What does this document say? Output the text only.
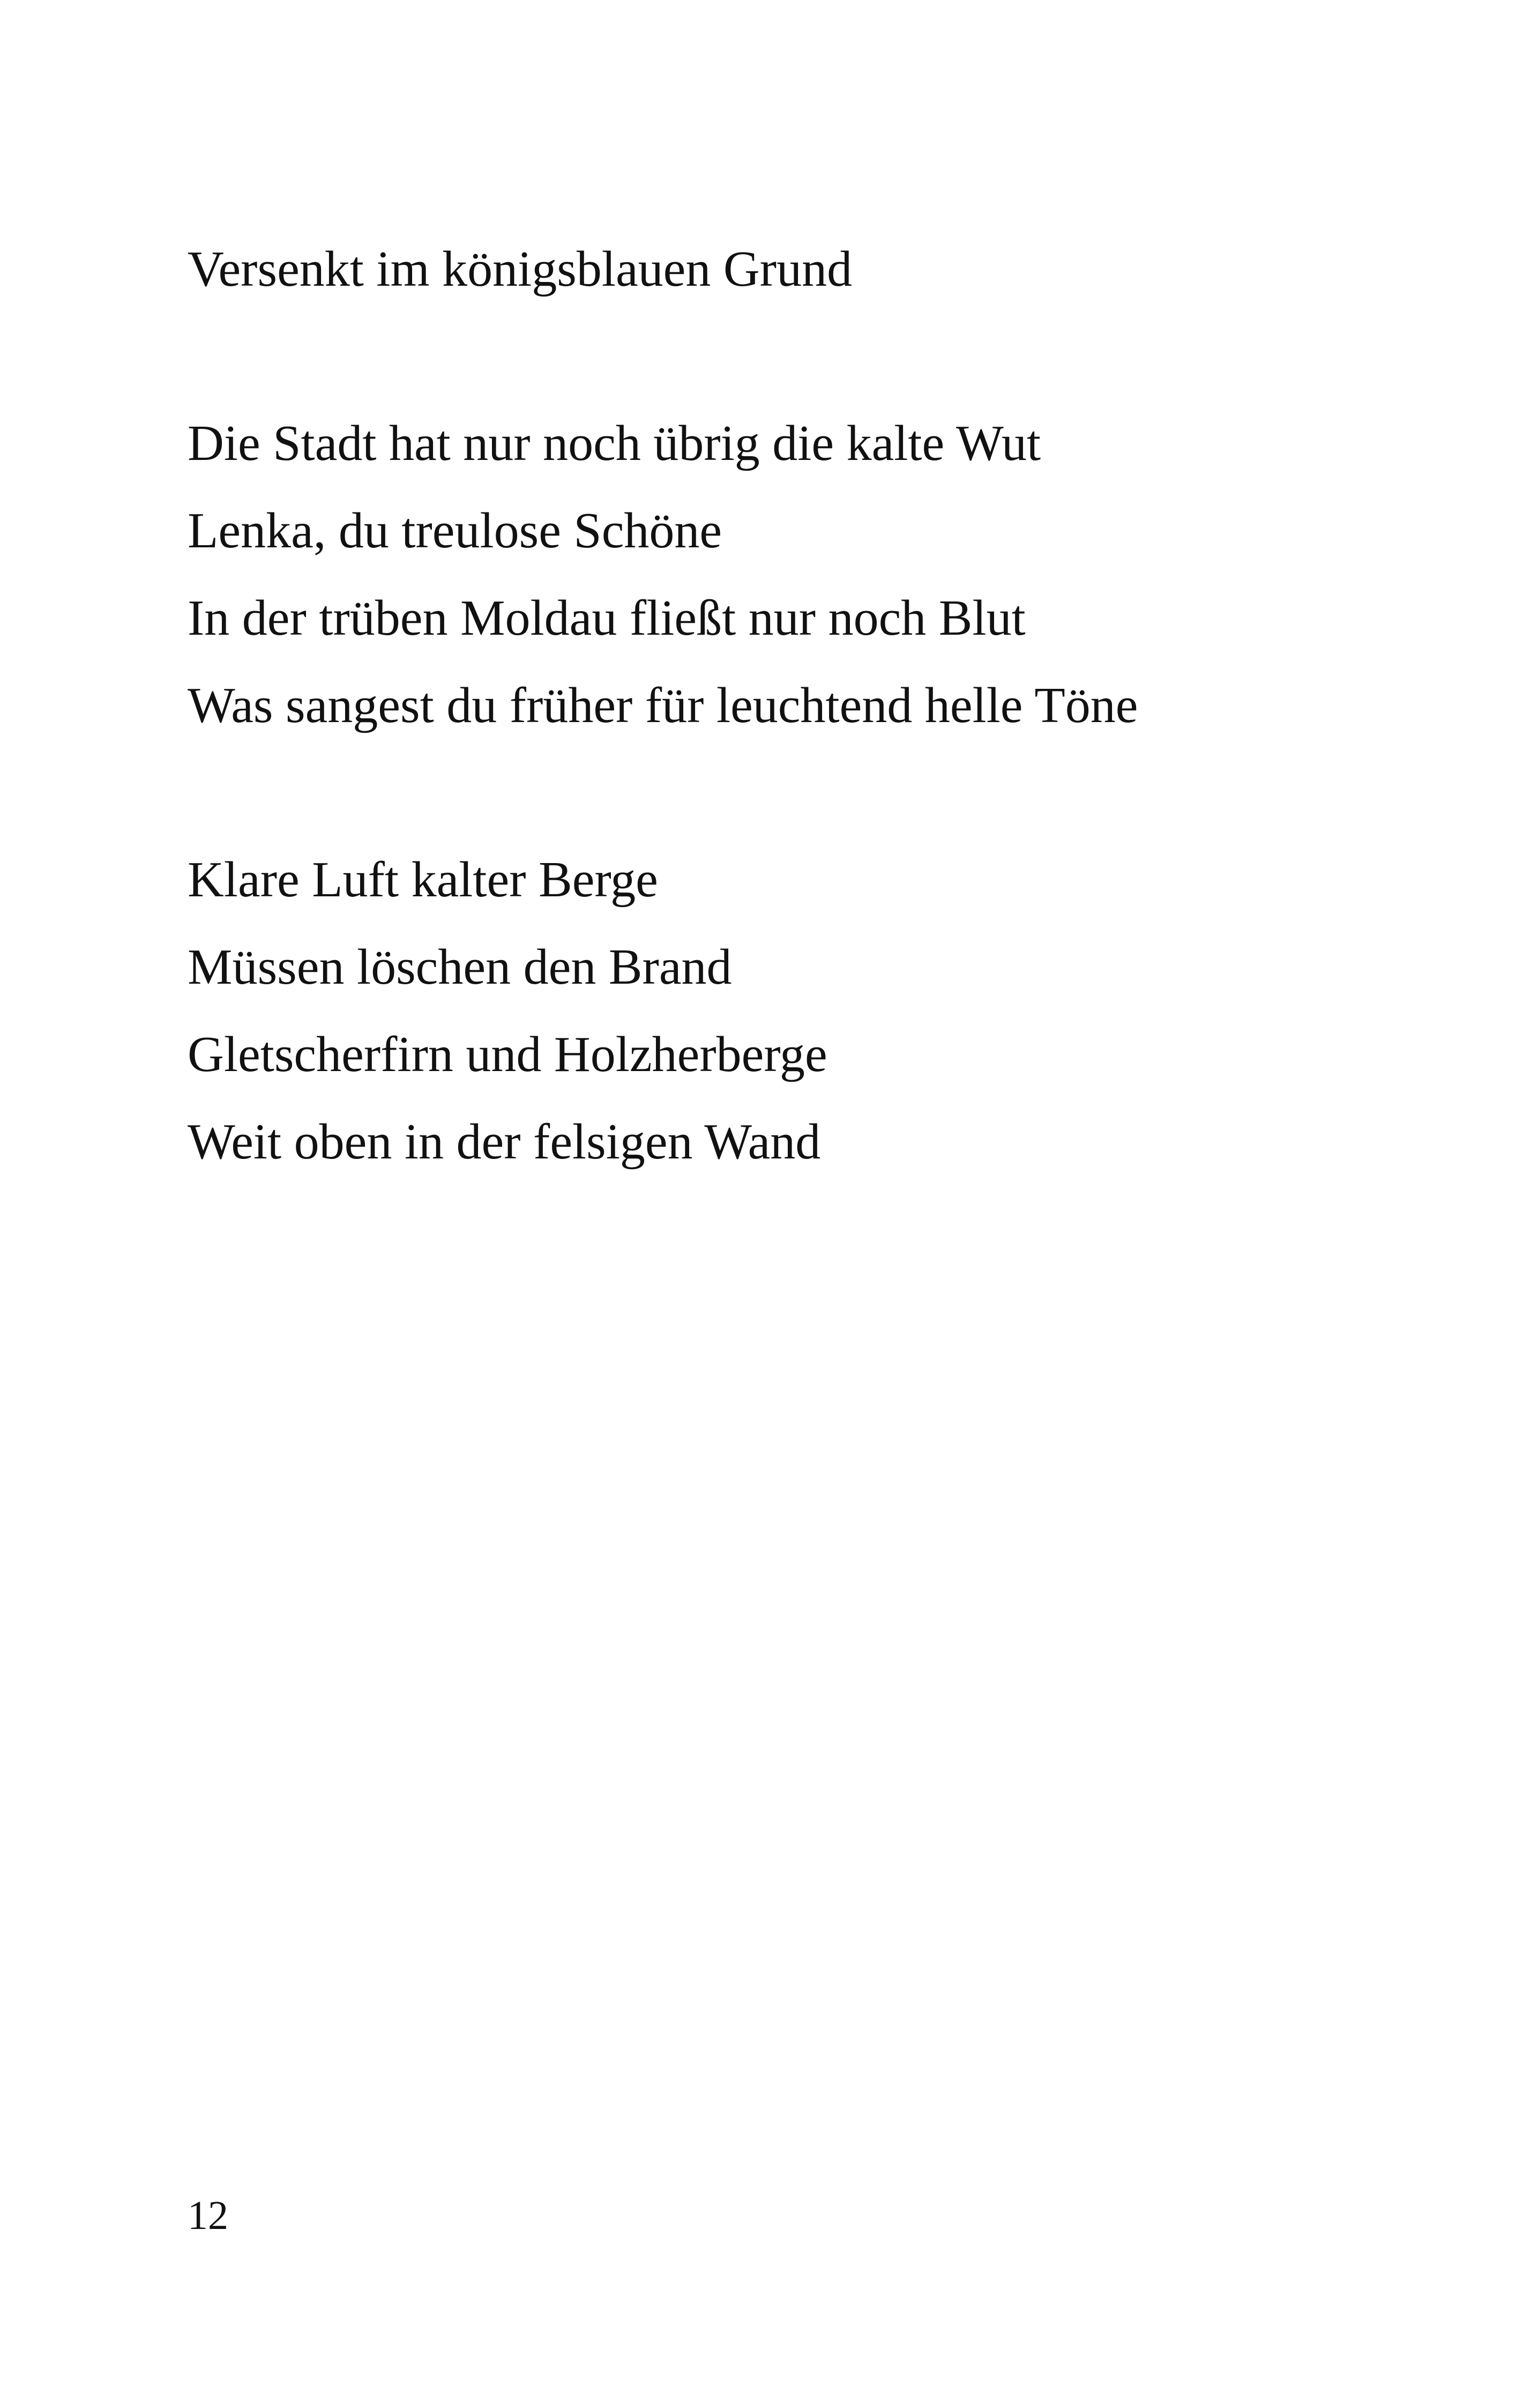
Versenkt im königsblauen Grund
Die Stadt hat nur noch übrig die kalte Wut
Lenka, du treulose Schöne
In der trüben Moldau fließt nur noch Blut
Was sangest du früher für leuchtend helle Töne
Klare Luft kalter Berge
Müssen löschen den Brand
Gletscherfirn und Holzherberge
Weit oben in der felsigen Wand
12
